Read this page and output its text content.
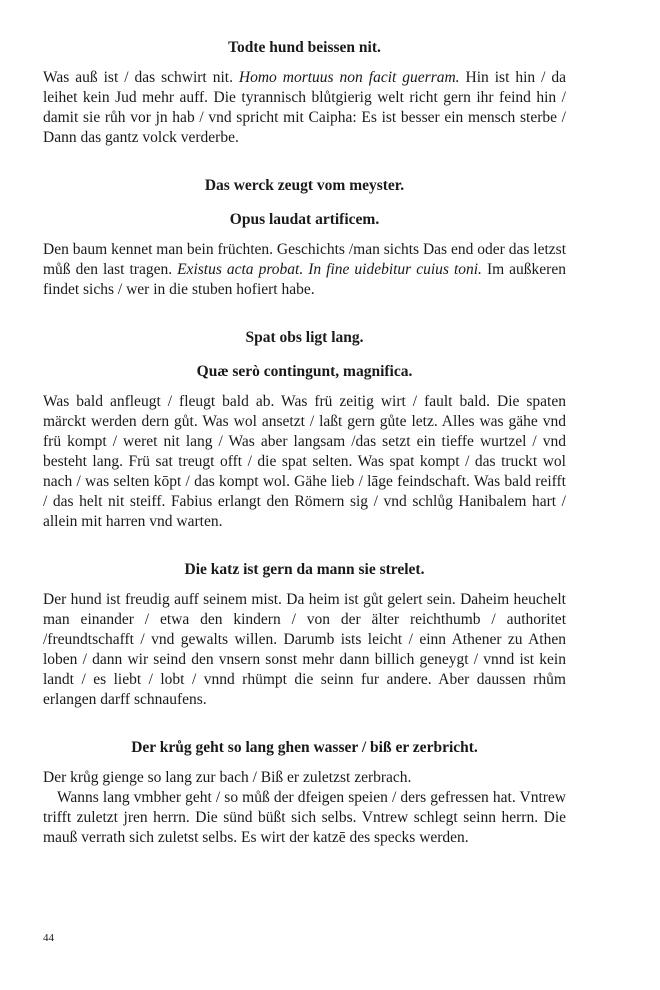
Todte hund beissen nit.

Was auß ist / das schwirt nit. Homo mortuus non facit guerram. Hin ist hin / da leihet kein Jud mehr auff. Die tyrannisch blůtgierig welt richt gern ihr feind hin / damit sie růh vor jn hab / vnd spricht mit Caipha: Es ist besser ein mensch sterbe / Dann das gantz volck verderbe.

Das werck zeugt vom meyster.

Opus laudat artificem.

Den baum kennet man bein früchten. Geschichts /man sichts Das end oder das letzst můß den last tragen. Existus acta probat. In fine uidebitur cuius toni. Im außkeren findet sichs / wer in die stuben hofiert habe.

Spat obs ligt lang.

Quæ serò contingunt, magnifica.

Was bald anfleugt / fleugt bald ab. Was frü zeitig wirt / fault bald. Die spaten märckt werden dern gůt. Was wol ansetzt / laßt gern gůte letz. Alles was gähe vnd frü kompt / weret nit lang / Was aber langsam /das setzt ein tieffe wurtzel / vnd besteht lang. Frü sat treugt offt / die spat selten. Was spat kompt / das truckt wol nach / was selten kōpt / das kompt wol. Gähe lieb / lāge feindschaft. Was bald reifft / das helt nit steiff. Fabius erlangt den Römern sig / vnd schlůg Hanibalem hart / allein mit harren vnd warten.

Die katz ist gern da mann sie strelet.

Der hund ist freudig auff seinem mist. Da heim ist gůt gelert sein. Daheim heuchelt man einander / etwa den kindern / von der älter reichthumb / authoritet /freundtschafft / vnd gewalts willen. Darumb ists leicht / einn Athener zu Athen loben / dann wir seind den vnsern sonst mehr dann billich geneygt / vnnd ist kein landt / es liebt / lobt / vnnd rhümpt die seinn fur andere. Aber daussen rhům erlangen darff schnaufens.

Der krůg geht so lang ghen wasser / biß er zerbricht.

Der krůg gienge so lang zur bach / Biß er zuletzst zerbrach.

Wanns lang vmbher geht / so můß der dfeigen speien / ders gefressen hat. Vntrew trifft zuletzt jren herrn. Die sünd büßt sich selbs. Vntrew schlegt seinn herrn. Die mauß verrath sich zuletst selbs. Es wirt der katzē des specks werden.

44
